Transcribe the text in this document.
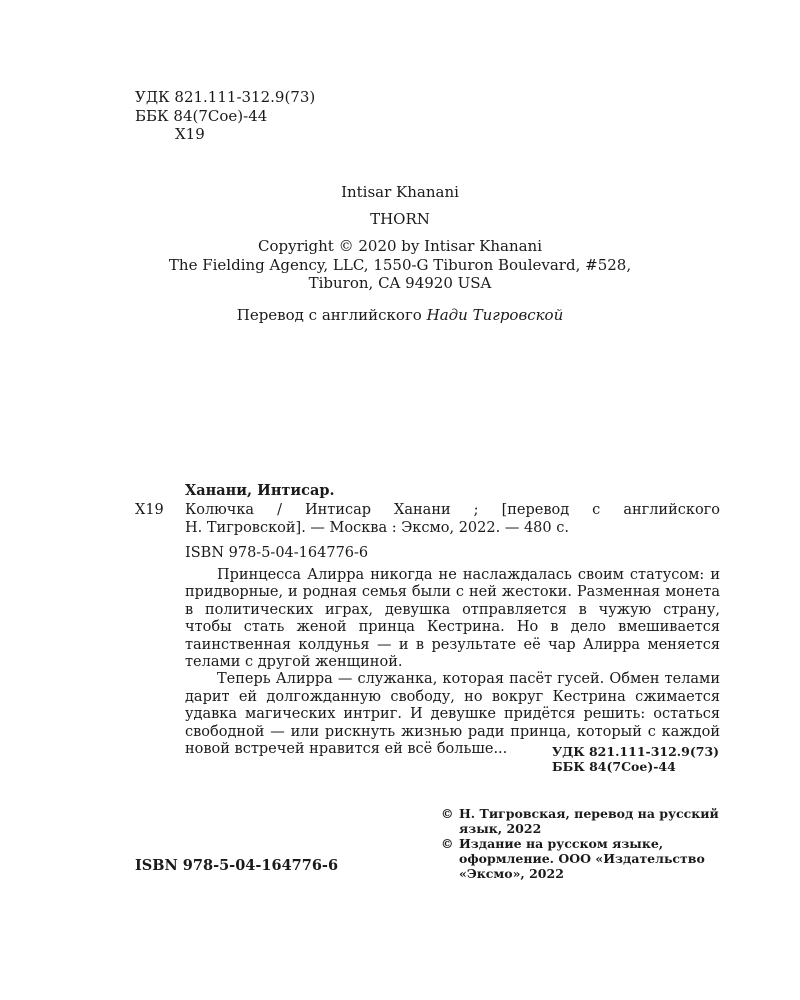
УДК 821.111-312.9(73)
ББК 84(7Сое)-44
Х19
Intisar Khanani
THORN
Copyright © 2020 by Intisar Khanani
The Fielding Agency, LLC, 1550-G Tiburon Boulevard, #528,
Tiburon, CA 94920 USA
Перевод с английского Нади Тигровской
Ханани, Интисар.
Х19	Колючка / Интисар Ханани ; [перевод с английского
Н. Тигровской]. — Москва : Эксмо, 2022. — 480 с.
ISBN 978-5-04-164776-6

Принцесса Алирра никогда не наслаждалась своим статусом: и придворные, и родная семья были с ней жестоки. Разменная монета в политических играх, девушка отправляется в чужую страну, чтобы стать женой принца Кестрина. Но в дело вмешивается таинственная колдунья — и в результате её чар Алирра меняется телами с другой женщиной.

Теперь Алирра — служанка, которая пасёт гусей. Обмен телами дарит ей долгожданную свободу, но вокруг Кестрина сжимается удавка магических интриг. И девушке придётся решить: остаться свободной — или рискнуть жизнью ради принца, который с каждой новой встречей нравится ей всё больше...	УДК 821.111-312.9(73)
ББК 84(7Сое)-44
© Н. Тигровская, перевод на русский язык, 2022
© Издание на русском языке, оформление. ООО «Издательство «Эксмо», 2022
ISBN 978-5-04-164776-6
